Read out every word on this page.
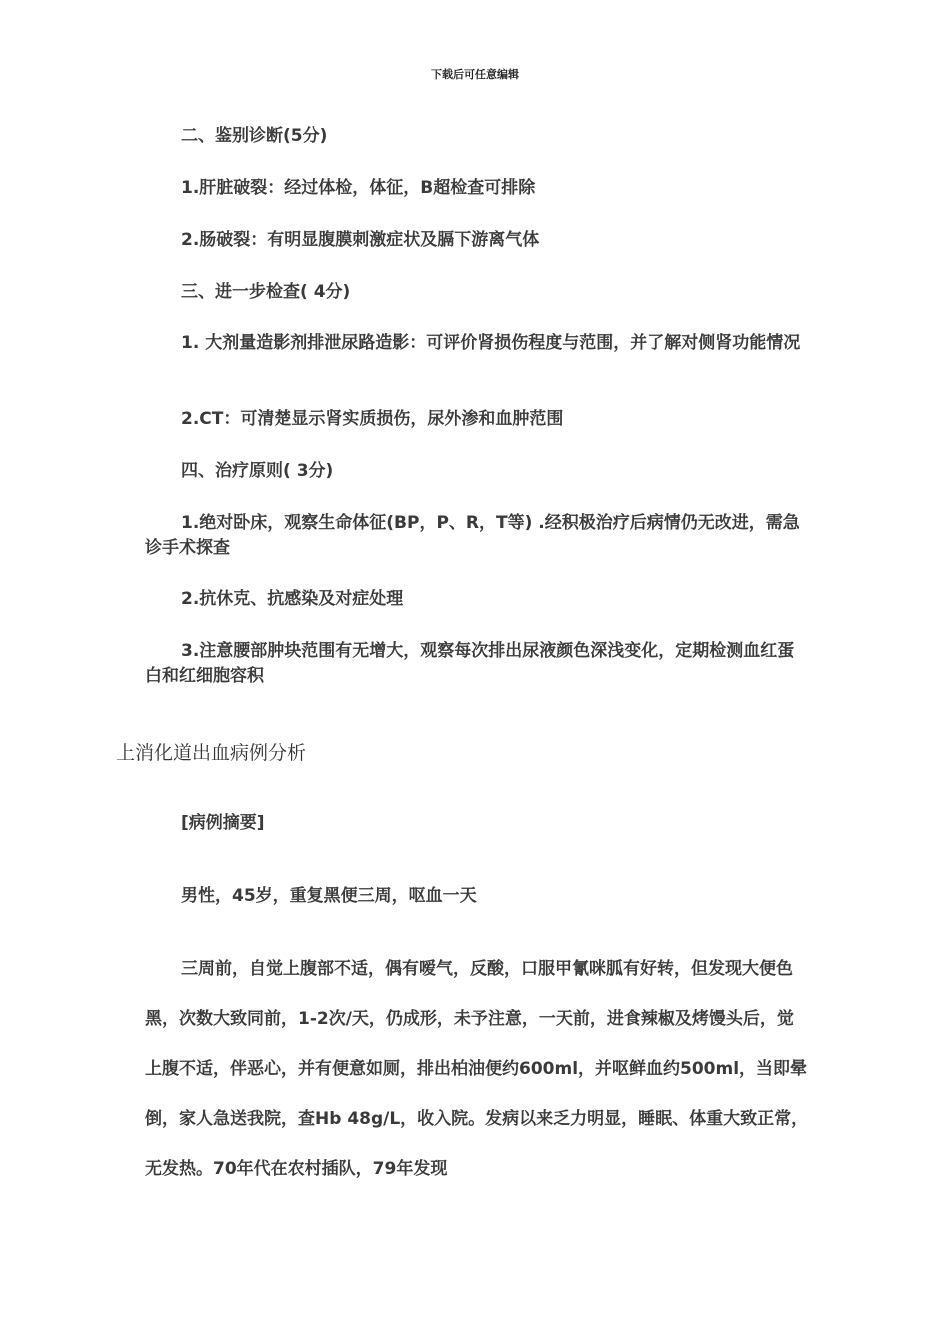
下载后可任意编辑
二、鉴别诊断(5分)
1.肝脏破裂：经过体检，体征，B超检查可排除
2.肠破裂：有明显腹膜刺激症状及膈下游离气体
三、进一步检查( 4分)
1. 大剂量造影剂排泄尿路造影：可评价肾损伤程度与范围，并了解对侧肾功能情况
2.CT：可清楚显示肾实质损伤，尿外渗和血肿范围
四、治疗原则( 3分)
1.绝对卧床，观察生命体征(BP，P、R，T等) .经积极治疗后病情仍无改进，需急诊手术探查
2.抗休克、抗感染及对症处理
3.注意腰部肿块范围有无增大，观察每次排出尿液颜色深浅变化，定期检测血红蛋白和红细胞容积
上消化道出血病例分析
[病例摘要]
男性，45岁，重复黑便三周，呕血一天
三周前，自觉上腹部不适，偶有嗳气，反酸，口服甲氰咪胍有好转，但发现大便色黑，次数大致同前，1-2次/天，仍成形，未予注意，一天前，进食辣椒及烤馒头后，觉上腹不适，伴恶心，并有便意如厕，排出柏油便约600ml，并呕鲜血约500ml，当即晕倒，家人急送我院，查Hb 48g/L，收入院。发病以来乏力明显，睡眠、体重大致正常，无发热。70年代在农村插队，79年发现
